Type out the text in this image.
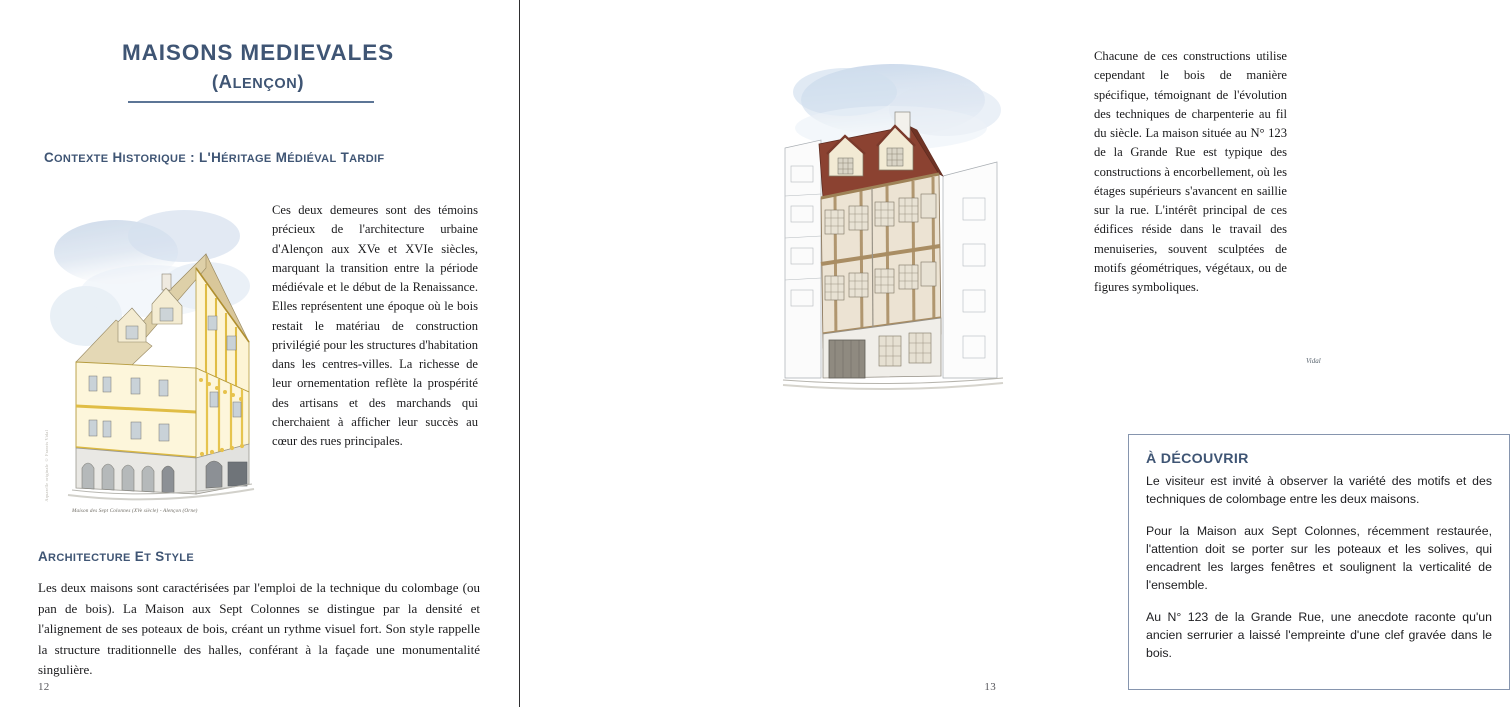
MAISONS MEDIEVALES
(ALENÇON)
CONTEXTE HISTORIQUE : L'HÉRITAGE MÉDIÉVAL TARDIF
Aquarelle originale © Francis Vidal
Maison des Sept Colonnes (XVe siècle) - Alençon (Orne)
Ces deux demeures sont des témoins précieux de l'architecture urbaine d'Alençon aux XVe et XVIe siècles, marquant la transition entre la période médiévale et le début de la Renaissance. Elles représentent une époque où le bois restait le matériau de construction privilégié pour les structures d'habitation dans les centres-villes. La richesse de leur ornementation reflète la prospérité des artisans et des marchands qui cherchaient à afficher leur succès au cœur des rues principales.
ARCHITECTURE ET STYLE
Les deux maisons sont caractérisées par l'emploi de la technique du colombage (ou pan de bois). La Maison aux Sept Colonnes se distingue par la densité et l'alignement de ses poteaux de bois, créant un rythme visuel fort. Son style rappelle la structure traditionnelle des halles, conférant à la façade une monumentalité singulière.
12
Chacune de ces constructions utilise cependant le bois de manière spécifique, témoignant de l'évolution des techniques de charpenterie au fil du siècle. La maison située au N° 123 de la Grande Rue est typique des constructions à encorbellement, où les étages supérieurs s'avancent en saillie sur la rue. L'intérêt principal de ces édifices réside dans le travail des menuiseries, souvent sculptées de motifs géométriques, végétaux, ou de figures symboliques.
Vidal
À DÉCOUVRIR

Le visiteur est invité à observer la variété des motifs et des techniques de colombage entre les deux maisons.

Pour la Maison aux Sept Colonnes, récemment restaurée, l'attention doit se porter sur les poteaux et les solives, qui encadrent les larges fenêtres et soulignent la verticalité de l'ensemble.

Au N° 123 de la Grande Rue, une anecdote raconte qu'un ancien serrurier a laissé l'empreinte d'une clef gravée dans le bois.

13
